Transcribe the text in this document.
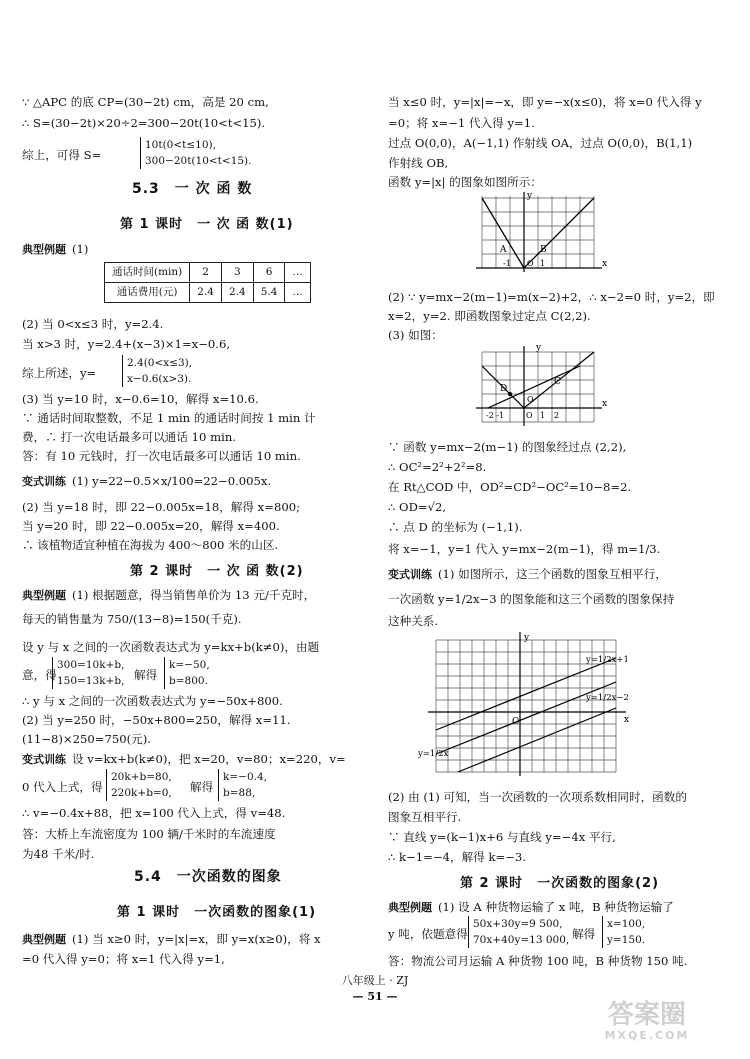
∵ △APC 的底 CP=(30−2t) cm，高是 20 cm,
∴ S=(30−2t)×20÷2=300−20t(10<t<15).
综上，可得 S=
10t(0<t≤10),
300−20t(10<t<15).
5.3　一 次 函 数
第 1 课时　一 次 函 数(1)
典型例题 (1)
通话时间(min)	2	3	6	…
通话费用(元)	2.4	2.4	5.4	…
(2) 当 0<x≤3 时，y=2.4.
当 x>3 时，y=2.4+(x−3)×1=x−0.6,
综上所述，y=
2.4(0<x≤3),
x−0.6(x>3).
(3) 当 y=10 时，x−0.6=10，解得 x=10.6.
∵ 通话时间取整数，不足 1 min 的通话时间按 1 min 计
费，∴ 打一次电话最多可以通话 10 min.
答：有 10 元钱时，打一次电话最多可以通话 10 min.
变式训练 (1) y=22−0.5×x/100=22−0.005x.
(2) 当 y=18 时，即 22−0.005x=18，解得 x=800;
当 y=20 时，即 22−0.005x=20，解得 x=400.
∴ 该植物适宜种植在海拔为 400～800 米的山区.
第 2 课时　一 次 函 数(2)
典型例题 (1) 根据题意，得当销售单价为 13 元/千克时，
每天的销售量为 750/(13−8)=150(千克).
设 y 与 x 之间的一次函数表达式为 y=kx+b(k≠0)，由题
意，得
300=10k+b,
150=13k+b, 解得
k=−50,
b=800.
∴ y 与 x 之间的一次函数表达式为 y=−50x+800.
(2) 当 y=250 时，−50x+800=250，解得 x=11.
(11−8)×250=750(元).
变式训练 设 v=kx+b(k≠0)，把 x=20，v=80；x=220，v=
0 代入上式，得
20k+b=80,
220k+b=0, 解得
k=−0.4,
b=88,
∴ v=−0.4x+88，把 x=100 代入上式，得 v=48.
答：大桥上车流密度为 100 辆/千米时的车流速度
为48 千米/时.
5.4　一次函数的图象
第 1 课时　一次函数的图象(1)
典型例题 (1) 当 x≥0 时，y=|x|=x，即 y=x(x≥0)，将 x
=0 代入得 y=0；将 x=1 代入得 y=1,
当 x≤0 时，y=|x|=−x，即 y=−x(x≤0)，将 x=0 代入得 y
=0；将 x=−1 代入得 y=1.
过点 O(0,0)，A(−1,1) 作射线 OA，过点 O(0,0)，B(1,1)
作射线 OB,
函数 y=|x| 的图象如图所示：
y
x
A	B
O
-1	1
(2) ∵ y=mx−2(m−1)=m(x−2)+2，∴ x−2=0 时，y=2，即
x=2，y=2. 即函数图象过定点 C(2,2).
(3) 如图：
y
x
C
D
O
-2 -1	O 1 2
∵ 函数 y=mx−2(m−1) 的图象经过点 (2,2),
∴ OC²=2²+2²=8.
在 Rt△COD 中，OD²=CD²−OC²=10−8=2.
∴ OD=√2,
∴ 点 D 的坐标为 (−1,1).
将 x=−1，y=1 代入 y=mx−2(m−1)，得 m=1/3.
变式训练 (1) 如图所示，这三个函数的图象互相平行，
一次函数 y=1/2x−3 的图象能和这三个函数的图象保持
这种关系.
y
x
O
y=1/2x+1
y=1/2x−2
y=1/2x
(2) 由 (1) 可知，当一次函数的一次项系数相同时，函数的
图象互相平行.
∵ 直线 y=(k−1)x+6 与直线 y=−4x 平行,
∴ k−1=−4，解得 k=−3.
第 2 课时　一次函数的图象(2)
典型例题 (1) 设 A 种货物运输了 x 吨，B 种货物运输了
y 吨，依题意得
50x+30y=9 500,
70x+40y=13 000, 解得
x=100,
y=150.
答：物流公司月运输 A 种货物 100 吨，B 种货物 150 吨.
八年级上 · ZJ
— 51 —
答案圈
MXQE.COM
